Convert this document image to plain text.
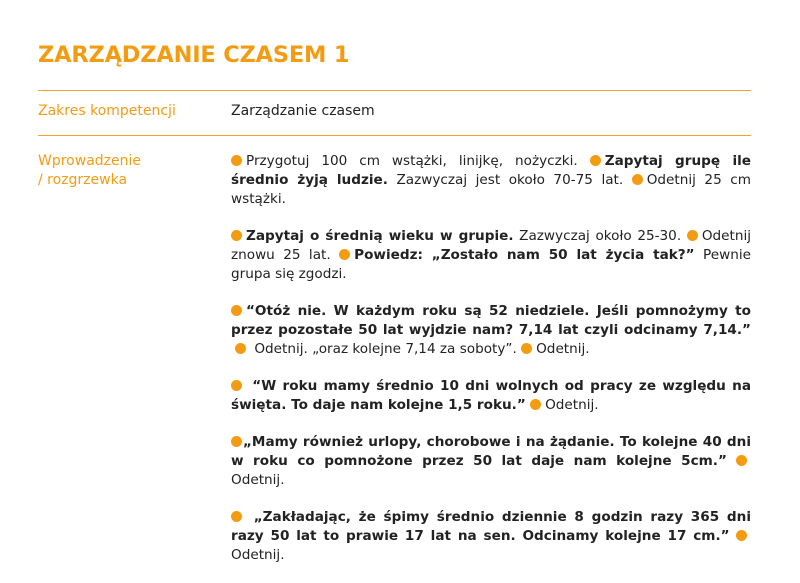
ZARZĄDZANIE CZASEM 1
Zakres kompetencji	Zarządzanie czasem
Wprowadzenie
/ rozgrzewka

Przygotuj 100 cm wstążki, linijkę, nożyczki. Zapytaj grupę ile średnio żyją ludzie. Zazwyczaj jest około 70-75 lat. Odetnij 25 cm wstążki.

Zapytaj o średnią wieku w grupie. Zazwyczaj około 25-30. Odetnij znowu 25 lat. Powiedz: „Zostało nam 50 lat życia tak?” Pewnie grupa się zgodzi.

“Otóż nie. W każdym roku są 52 niedziele. Jeśli pomnożymy to przez pozostałe 50 lat wyjdzie nam? 7,14 lat czyli odcinamy 7,14.” Odetnij. „oraz kolejne 7,14 za soboty”. Odetnij.

“W roku mamy średnio 10 dni wolnych od pracy ze względu na święta. To daje nam kolejne 1,5 roku.” Odetnij.

„Mamy również urlopy, chorobowe i na żądanie. To kolejne 40 dni w roku co pomnożone przez 50 lat daje nam kolejne 5cm.” Odetnij.

„Zakładając, że śpimy średnio dziennie 8 godzin razy 365 dni razy 50 lat to prawie 17 lat na sen. Odcinamy kolejne 17 cm.” Odetnij.
